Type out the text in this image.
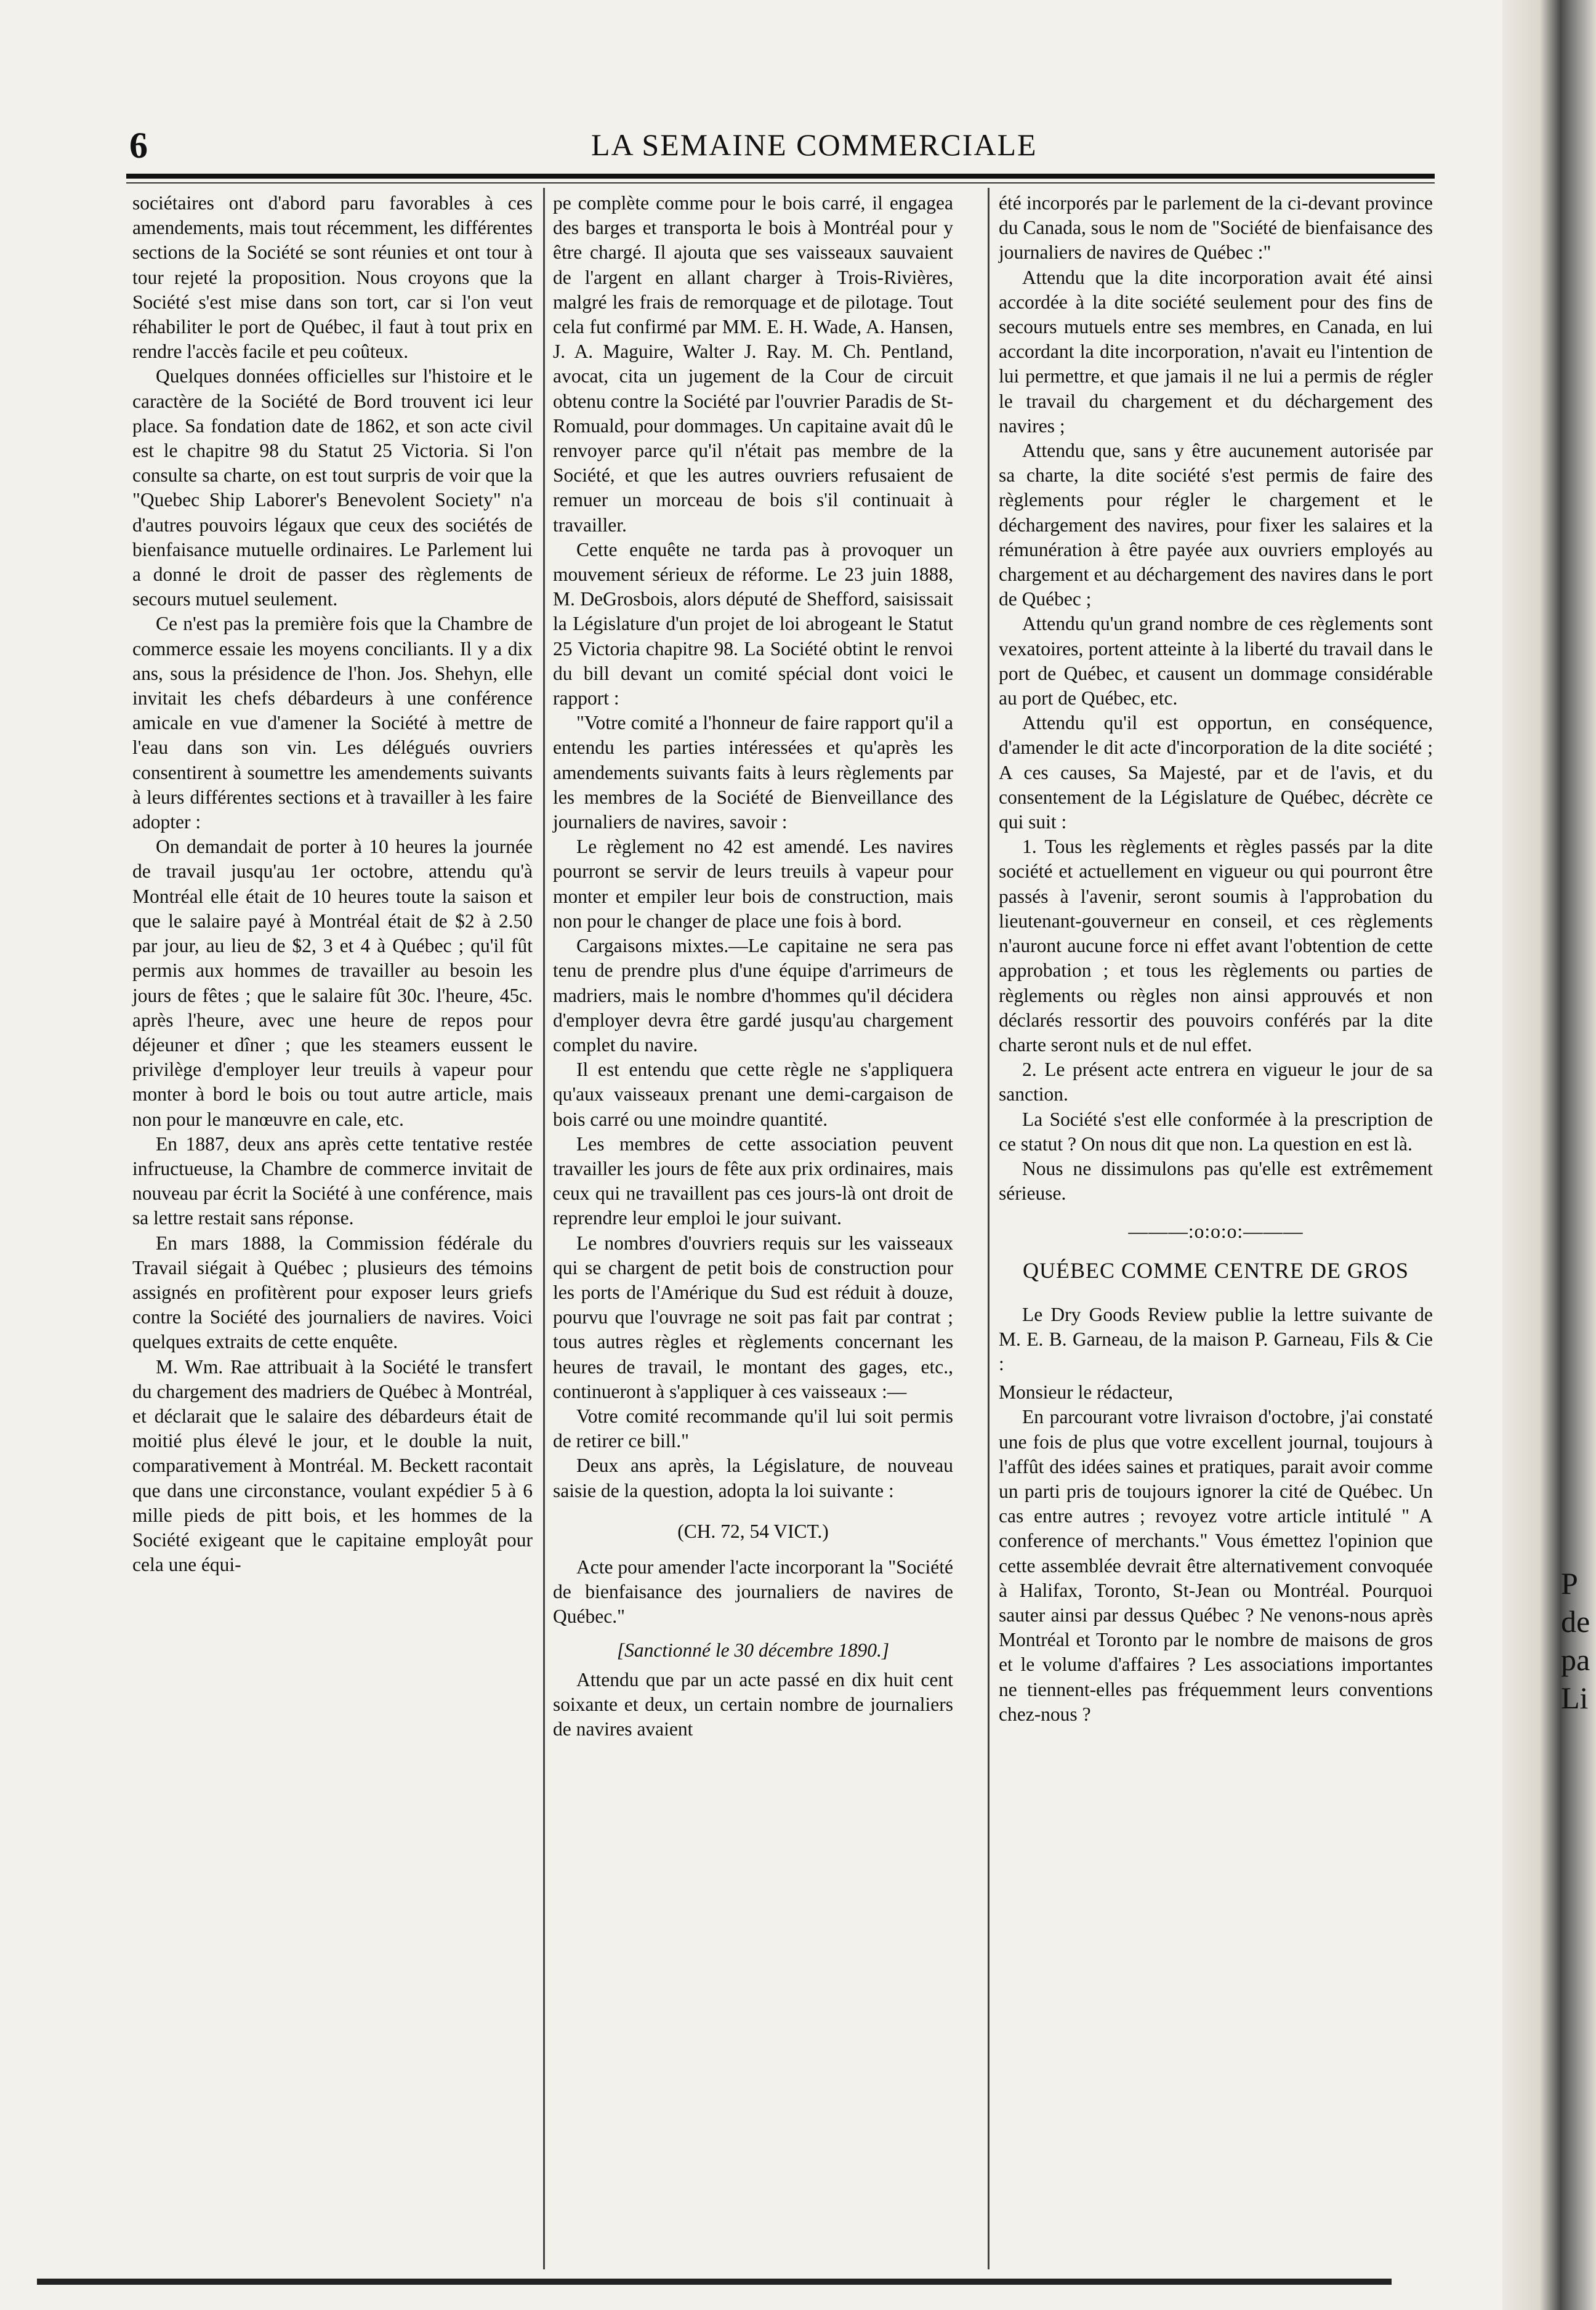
P
de
pa
Li
6	LA SEMAINE COMMERCIALE

sociétaires ont d'abord paru favorables à ces amendements, mais tout récemment, les différentes sections de la Société se sont réunies et ont tour à tour rejeté la proposition. Nous croyons que la Société s'est mise dans son tort, car si l'on veut réhabiliter le port de Québec, il faut à tout prix en rendre l'accès facile et peu coûteux.

Quelques données officielles sur l'histoire et le caractère de la Société de Bord trouvent ici leur place. Sa fondation date de 1862, et son acte civil est le chapitre 98 du Statut 25 Victoria. Si l'on consulte sa charte, on est tout surpris de voir que la "Quebec Ship Laborer's Benevolent Society" n'a d'autres pouvoirs légaux que ceux des sociétés de bienfaisance mutuelle ordinaires. Le Parlement lui a donné le droit de passer des règlements de secours mutuel seulement.

Ce n'est pas la première fois que la Chambre de commerce essaie les moyens conciliants. Il y a dix ans, sous la présidence de l'hon. Jos. Shehyn, elle invitait les chefs débardeurs à une conférence amicale en vue d'amener la Société à mettre de l'eau dans son vin. Les délégués ouvriers consentirent à soumettre les amendements suivants à leurs différentes sections et à travailler à les faire adopter :

On demandait de porter à 10 heures la journée de travail jusqu'au 1er octobre, attendu qu'à Montréal elle était de 10 heures toute la saison et que le salaire payé à Montréal était de $2 à 2.50 par jour, au lieu de $2, 3 et 4 à Québec ; qu'il fût permis aux hommes de travailler au besoin les jours de fêtes ; que le salaire fût 30c. l'heure, 45c. après l'heure, avec une heure de repos pour déjeuner et dîner ; que les steamers eussent le privilège d'employer leur treuils à vapeur pour monter à bord le bois ou tout autre article, mais non pour le manœuvre en cale, etc.

En 1887, deux ans après cette tentative restée infructueuse, la Chambre de commerce invitait de nouveau par écrit la Société à une conférence, mais sa lettre restait sans réponse.

En mars 1888, la Commission fédérale du Travail siégait à Québec ; plusieurs des témoins assignés en profitèrent pour exposer leurs griefs contre la Société des journaliers de navires. Voici quelques extraits de cette enquête.

M. Wm. Rae attribuait à la Société le transfert du chargement des madriers de Québec à Montréal, et déclarait que le salaire des débardeurs était de moitié plus élevé le jour, et le double la nuit, comparativement à Montréal. M. Beckett racontait que dans une circonstance, voulant expédier 5 à 6 mille pieds de pitt bois, et les hommes de la Société exigeant que le capitaine employât pour cela une équi-

pe complète comme pour le bois carré, il engagea des barges et transporta le bois à Montréal pour y être chargé. Il ajouta que ses vaisseaux sauvaient de l'argent en allant charger à Trois-Rivières, malgré les frais de remorquage et de pilotage. Tout cela fut confirmé par MM. E. H. Wade, A. Hansen, J. A. Maguire, Walter J. Ray. M. Ch. Pentland, avocat, cita un jugement de la Cour de circuit obtenu contre la Société par l'ouvrier Paradis de St-Romuald, pour dommages. Un capitaine avait dû le renvoyer parce qu'il n'était pas membre de la Société, et que les autres ouvriers refusaient de remuer un morceau de bois s'il continuait à travailler.

Cette enquête ne tarda pas à provoquer un mouvement sérieux de réforme. Le 23 juin 1888, M. DeGrosbois, alors député de Shefford, saisissait la Législature d'un projet de loi abrogeant le Statut 25 Victoria chapitre 98. La Société obtint le renvoi du bill devant un comité spécial dont voici le rapport :

"Votre comité a l'honneur de faire rapport qu'il a entendu les parties intéressées et qu'après les amendements suivants faits à leurs règlements par les membres de la Société de Bienveillance des journaliers de navires, savoir :

Le règlement no 42 est amendé. Les navires pourront se servir de leurs treuils à vapeur pour monter et empiler leur bois de construction, mais non pour le changer de place une fois à bord.

Cargaisons mixtes.—Le capitaine ne sera pas tenu de prendre plus d'une équipe d'arrimeurs de madriers, mais le nombre d'hommes qu'il décidera d'employer devra être gardé jusqu'au chargement complet du navire.

Il est entendu que cette règle ne s'appliquera qu'aux vaisseaux prenant une demi-cargaison de bois carré ou une moindre quantité.

Les membres de cette association peuvent travailler les jours de fête aux prix ordinaires, mais ceux qui ne travaillent pas ces jours-là ont droit de reprendre leur emploi le jour suivant.

Le nombres d'ouvriers requis sur les vaisseaux qui se chargent de petit bois de construction pour les ports de l'Amérique du Sud est réduit à douze, pourvu que l'ouvrage ne soit pas fait par contrat ; tous autres règles et règlements concernant les heures de travail, le montant des gages, etc., continueront à s'appliquer à ces vaisseaux :—

Votre comité recommande qu'il lui soit permis de retirer ce bill."

Deux ans après, la Législature, de nouveau saisie de la question, adopta la loi suivante :

(CH. 72, 54 VICT.)

Acte pour amender l'acte incorporant la "Société de bienfaisance des journaliers de navires de Québec."

[Sanctionné le 30 décembre 1890.]

Attendu que par un acte passé en dix huit cent soixante et deux, un certain nombre de journaliers de navires avaient

été incorporés par le parlement de la ci-devant province du Canada, sous le nom de "Société de bienfaisance des journaliers de navires de Québec :"

Attendu que la dite incorporation avait été ainsi accordée à la dite société seulement pour des fins de secours mutuels entre ses membres, en Canada, en lui accordant la dite incorporation, n'avait eu l'intention de lui permettre, et que jamais il ne lui a permis de régler le travail du chargement et du déchargement des navires ;

Attendu que, sans y être aucunement autorisée par sa charte, la dite société s'est permis de faire des règlements pour régler le chargement et le déchargement des navires, pour fixer les salaires et la rémunération à être payée aux ouvriers employés au chargement et au déchargement des navires dans le port de Québec ;

Attendu qu'un grand nombre de ces règlements sont vexatoires, portent atteinte à la liberté du travail dans le port de Québec, et causent un dommage considérable au port de Québec, etc.

Attendu qu'il est opportun, en conséquence, d'amender le dit acte d'incorporation de la dite société ; A ces causes, Sa Majesté, par et de l'avis, et du consentement de la Législature de Québec, décrète ce qui suit :

1. Tous les règlements et règles passés par la dite société et actuellement en vigueur ou qui pourront être passés à l'avenir, seront soumis à l'approbation du lieutenant-gouverneur en conseil, et ces règlements n'auront aucune force ni effet avant l'obtention de cette approbation ; et tous les règlements ou parties de règlements ou règles non ainsi approuvés et non déclarés ressortir des pouvoirs conférés par la dite charte seront nuls et de nul effet.

2. Le présent acte entrera en vigueur le jour de sa sanction.

La Société s'est elle conformée à la prescription de ce statut ? On nous dit que non. La question en est là.

Nous ne dissimulons pas qu'elle est extrêmement sérieuse.

———:o:o:o:———
QUÉBEC COMME CENTRE DE GROS

Le Dry Goods Review publie la lettre suivante de M. E. B. Garneau, de la maison P. Garneau, Fils & Cie :

Monsieur le rédacteur,

En parcourant votre livraison d'octobre, j'ai constaté une fois de plus que votre excellent journal, toujours à l'affût des idées saines et pratiques, parait avoir comme un parti pris de toujours ignorer la cité de Québec. Un cas entre autres ; revoyez votre article intitulé " A conference of merchants." Vous émettez l'opinion que cette assemblée devrait être alternativement convoquée à Halifax, Toronto, St-Jean ou Montréal. Pourquoi sauter ainsi par dessus Québec ? Ne venons-nous après Montréal et Toronto par le nombre de maisons de gros et le volume d'affaires ? Les associations importantes ne tiennent-elles pas fréquemment leurs conventions chez-nous ?
